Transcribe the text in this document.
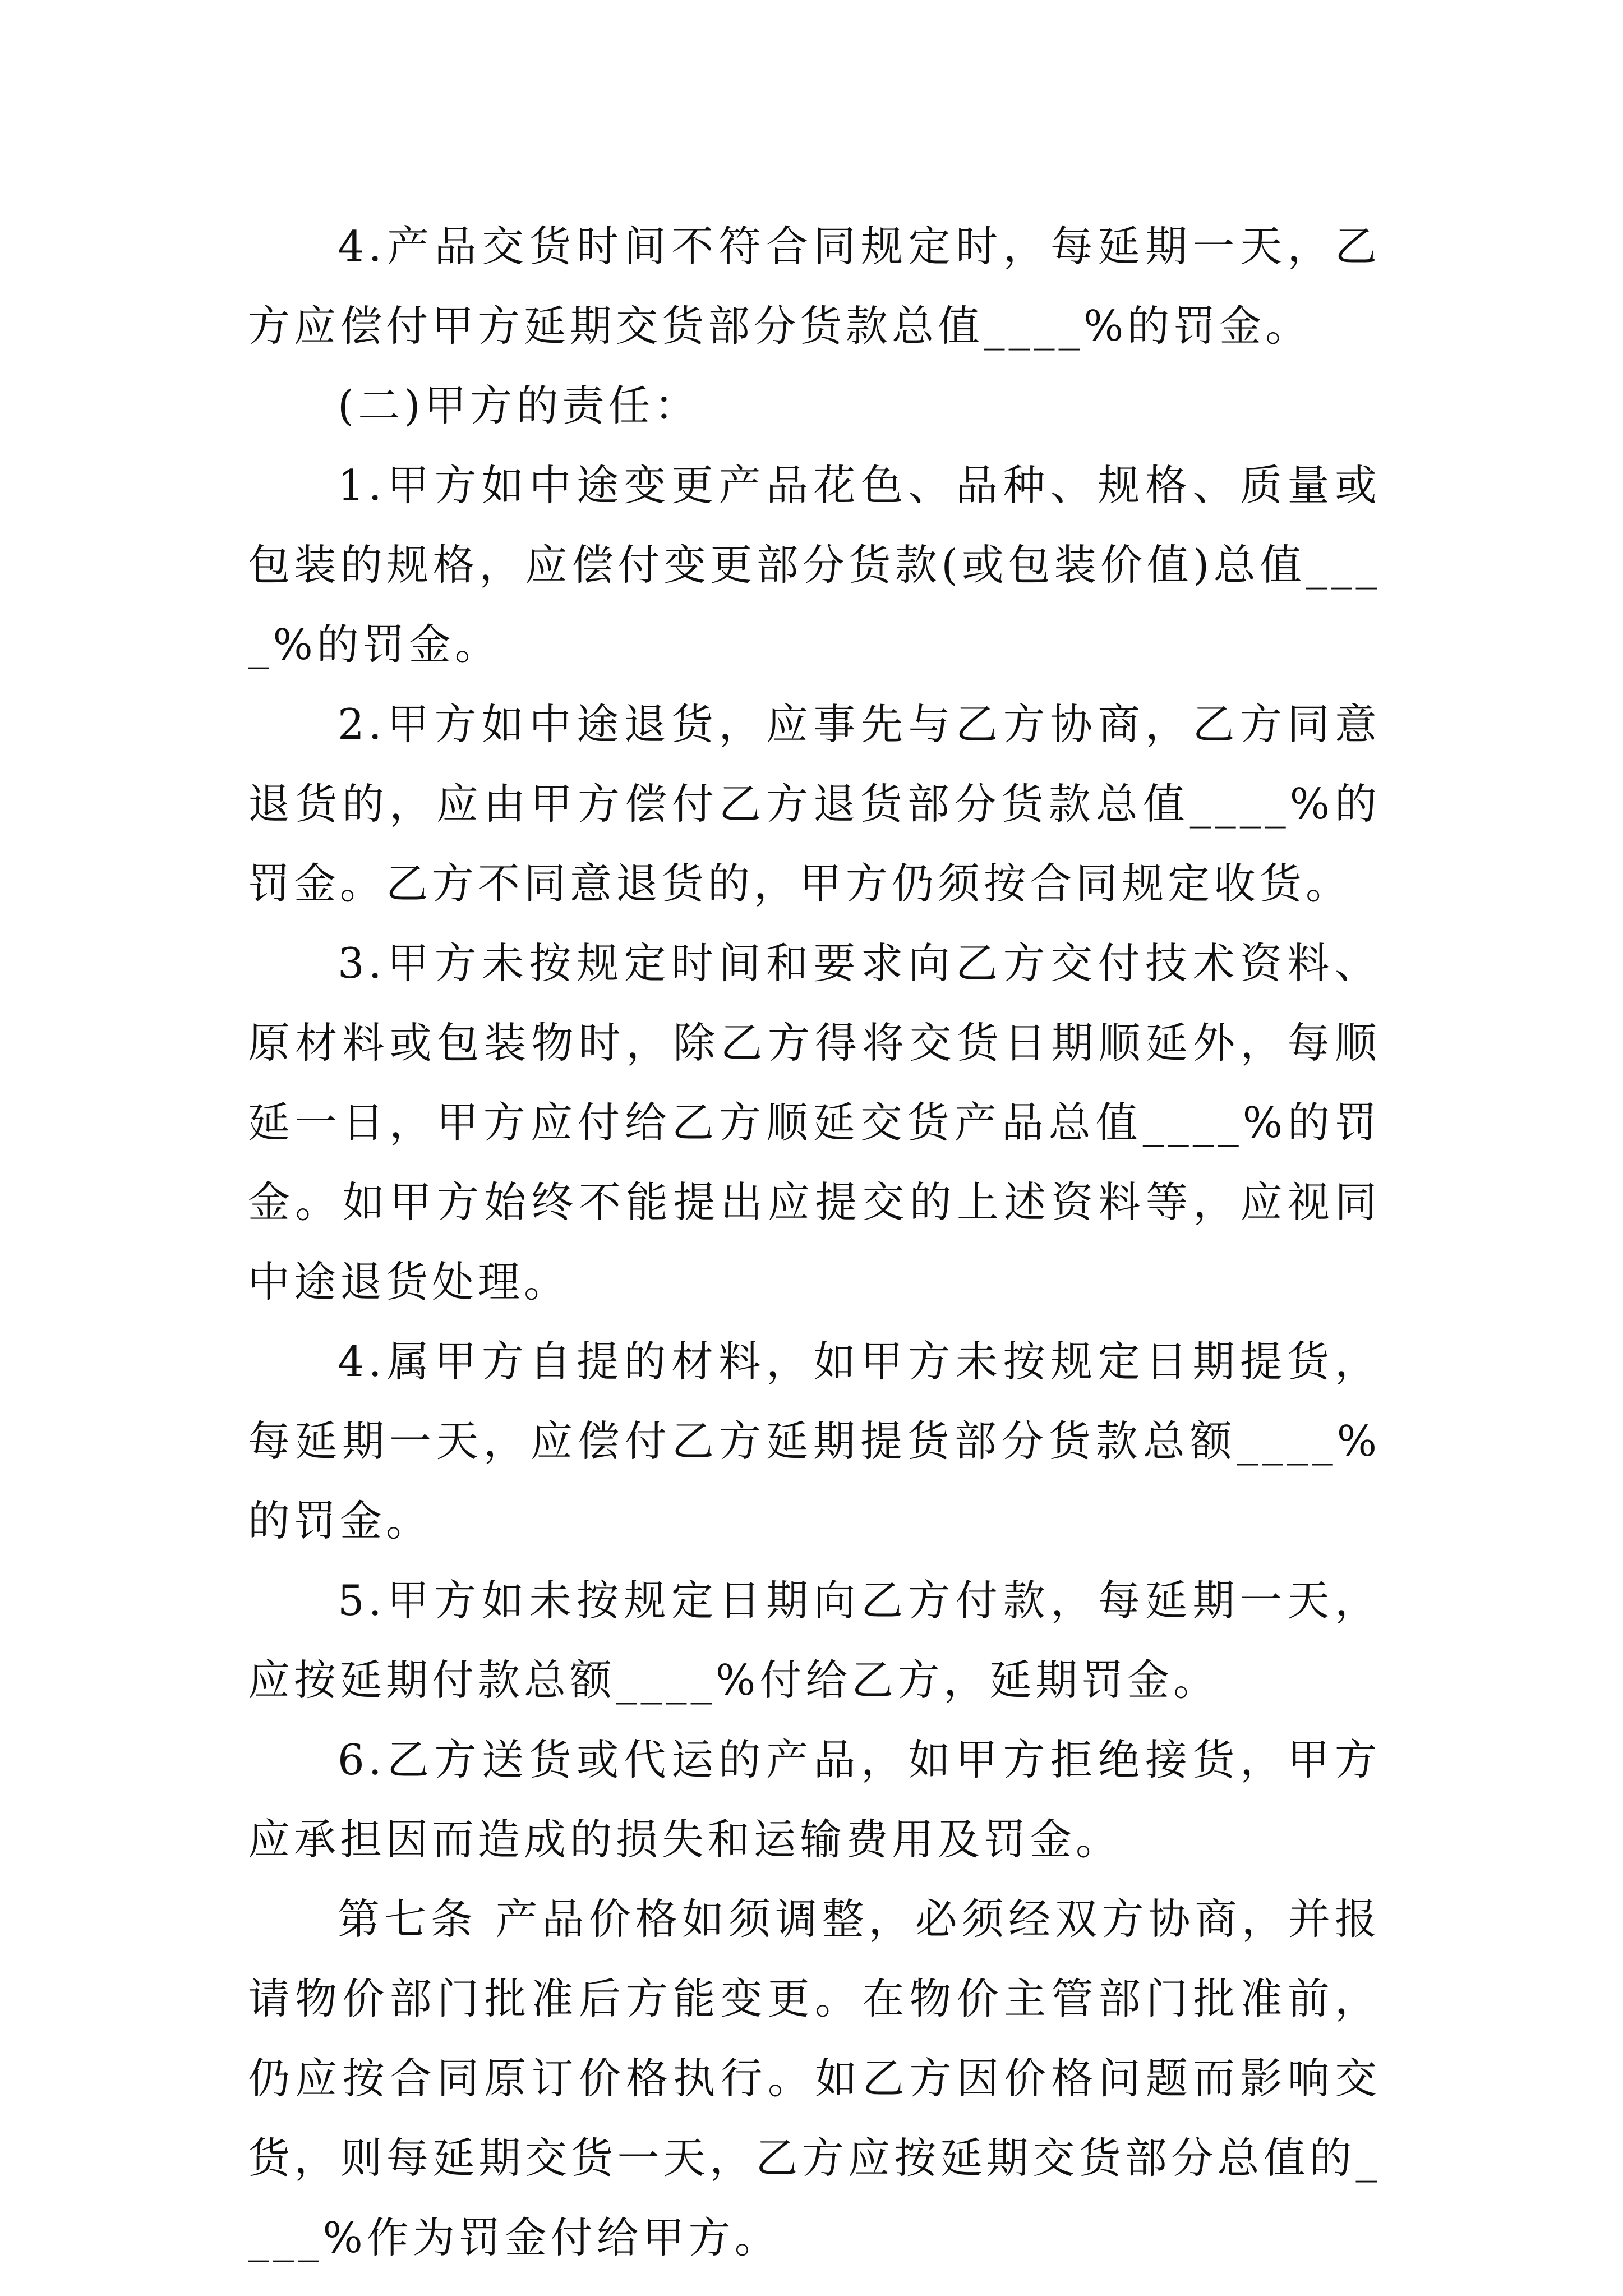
4.产品交货时间不符合同规定时，每延期一天，乙方应偿付甲方延期交货部分货款总值____%的罚金。

(二)甲方的责任：

1.甲方如中途变更产品花色、品种、规格、质量或包装的规格，应偿付变更部分货款(或包装价值)总值____%的罚金。

2.甲方如中途退货，应事先与乙方协商，乙方同意退货的，应由甲方偿付乙方退货部分货款总值____%的罚金。乙方不同意退货的，甲方仍须按合同规定收货。

3.甲方未按规定时间和要求向乙方交付技术资料、原材料或包装物时，除乙方得将交货日期顺延外，每顺延一日，甲方应付给乙方顺延交货产品总值____%的罚金。如甲方始终不能提出应提交的上述资料等，应视同中途退货处理。

4.属甲方自提的材料，如甲方未按规定日期提货，每延期一天，应偿付乙方延期提货部分货款总额____%的罚金。

5.甲方如未按规定日期向乙方付款，每延期一天，应按延期付款总额____%付给乙方，延期罚金。

6.乙方送货或代运的产品，如甲方拒绝接货，甲方应承担因而造成的损失和运输费用及罚金。

第七条 产品价格如须调整，必须经双方协商，并报请物价部门批准后方能变更。在物价主管部门批准前，仍应按合同原订价格执行。如乙方因价格问题而影响交货，则每延期交货一天，乙方应按延期交货部分总值的____%作为罚金付给甲方。
